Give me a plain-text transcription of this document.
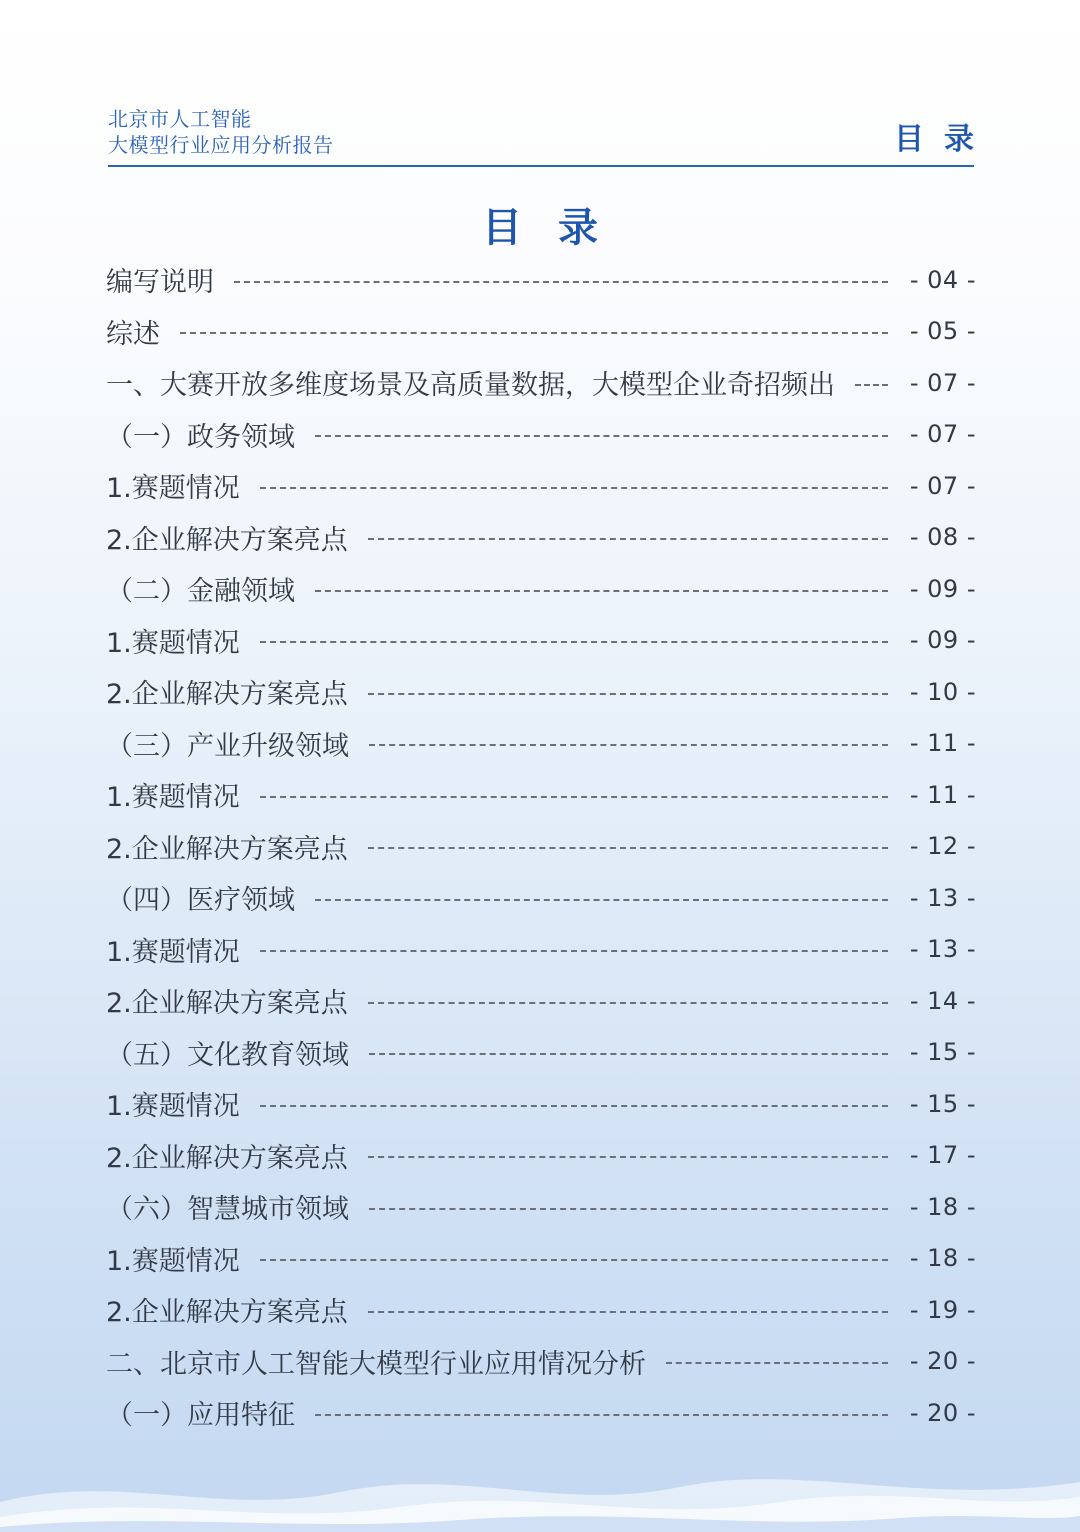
北京市人工智能
大模型行业应用分析报告	目录
目录
编写说明	- 04 -
综述	- 05 -
一、大赛开放多维度场景及高质量数据，大模型企业奇招频出	- 07 -
（一）政务领域	- 07 -
1.赛题情况	- 07 -
2.企业解决方案亮点	- 08 -
（二）金融领域	- 09 -
1.赛题情况	- 09 -
2.企业解决方案亮点	- 10 -
（三）产业升级领域	- 11 -
1.赛题情况	- 11 -
2.企业解决方案亮点	- 12 -
（四）医疗领域	- 13 -
1.赛题情况	- 13 -
2.企业解决方案亮点	- 14 -
（五）文化教育领域	- 15 -
1.赛题情况	- 15 -
2.企业解决方案亮点	- 17 -
（六）智慧城市领域	- 18 -
1.赛题情况	- 18 -
2.企业解决方案亮点	- 19 -
二、北京市人工智能大模型行业应用情况分析	- 20 -
（一）应用特征	- 20 -
